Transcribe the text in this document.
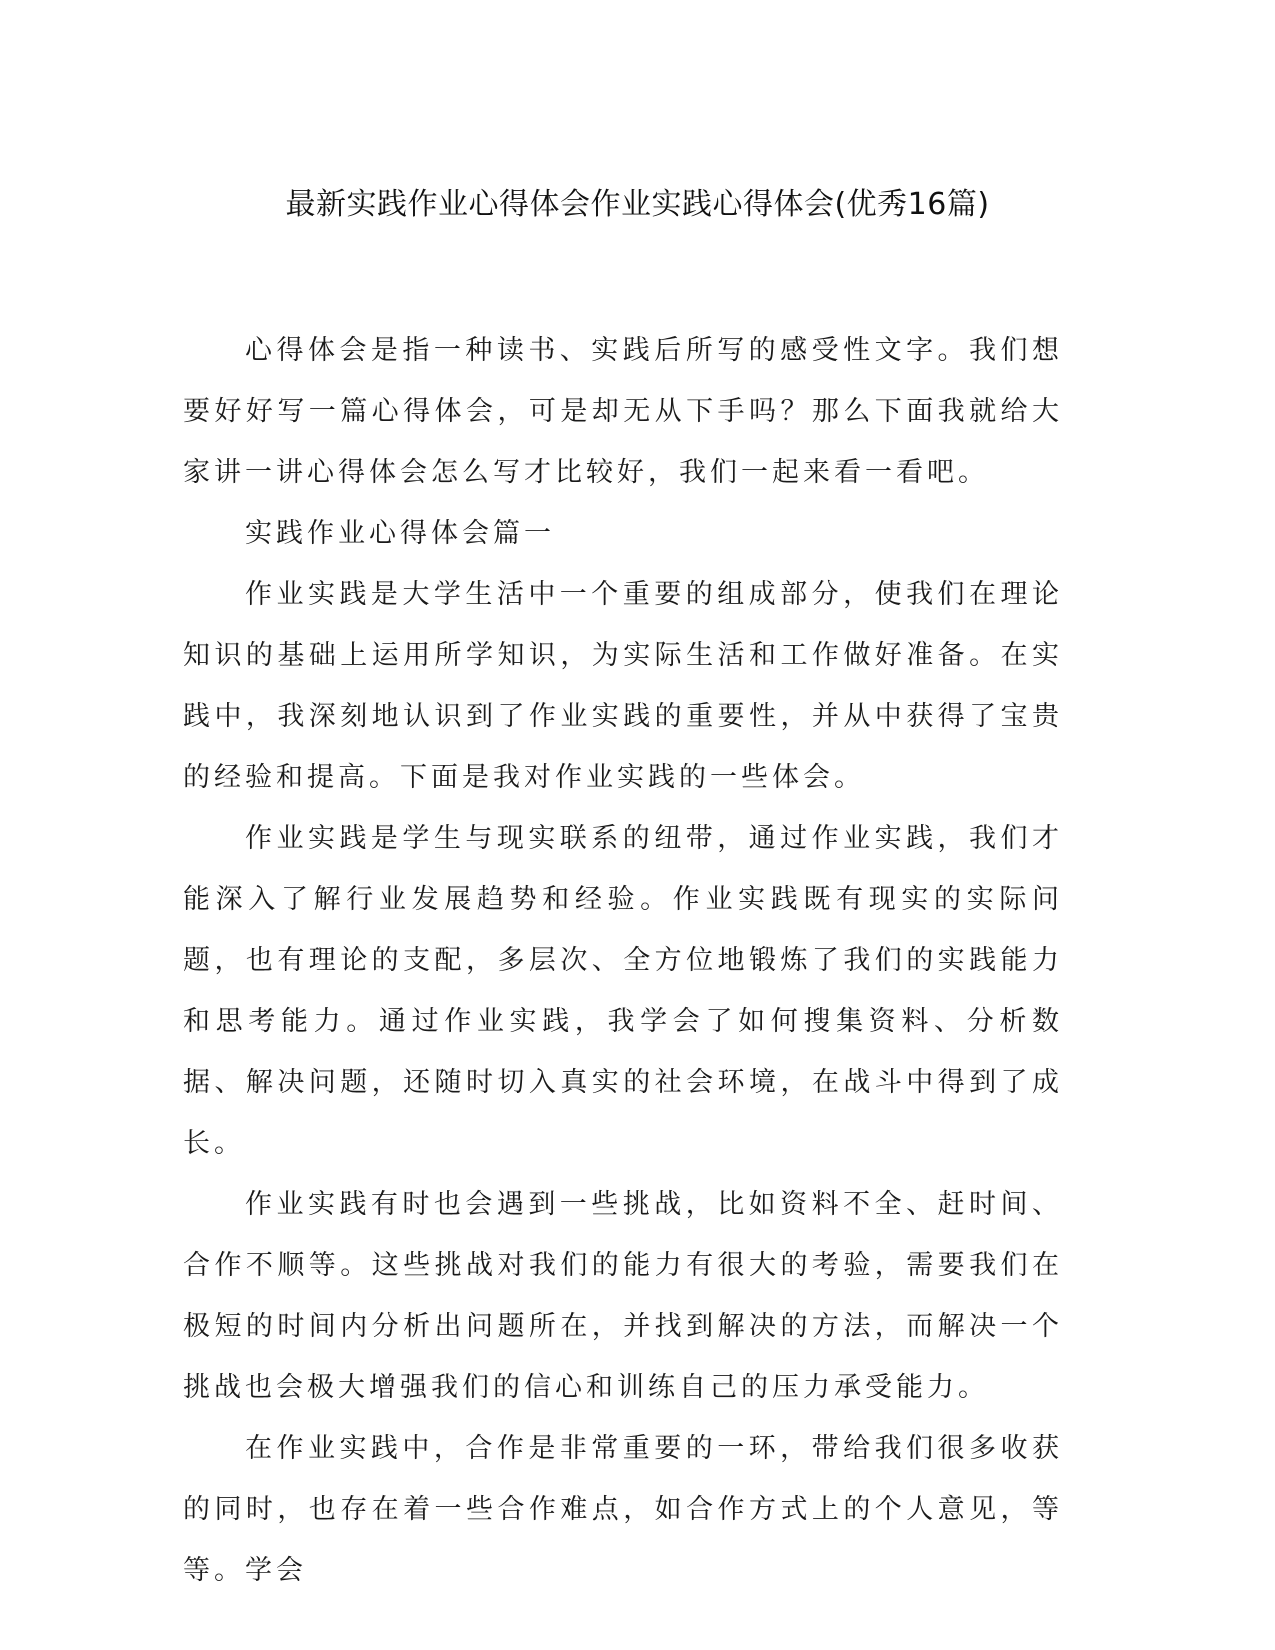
最新实践作业心得体会作业实践心得体会(优秀16篇)

心得体会是指一种读书、实践后所写的感受性文字。我们想要好好写一篇心得体会，可是却无从下手吗？那么下面我就给大家讲一讲心得体会怎么写才比较好，我们一起来看一看吧。

实践作业心得体会篇一

作业实践是大学生活中一个重要的组成部分，使我们在理论知识的基础上运用所学知识，为实际生活和工作做好准备。在实践中，我深刻地认识到了作业实践的重要性，并从中获得了宝贵的经验和提高。下面是我对作业实践的一些体会。

作业实践是学生与现实联系的纽带，通过作业实践，我们才能深入了解行业发展趋势和经验。作业实践既有现实的实际问题，也有理论的支配，多层次、全方位地锻炼了我们的实践能力和思考能力。通过作业实践，我学会了如何搜集资料、分析数据、解决问题，还随时切入真实的社会环境，在战斗中得到了成长。

作业实践有时也会遇到一些挑战，比如资料不全、赶时间、合作不顺等。这些挑战对我们的能力有很大的考验，需要我们在极短的时间内分析出问题所在，并找到解决的方法，而解决一个挑战也会极大增强我们的信心和训练自己的压力承受能力。

在作业实践中，合作是非常重要的一环，带给我们很多收获的同时，也存在着一些合作难点，如合作方式上的个人意见，等等。学会
